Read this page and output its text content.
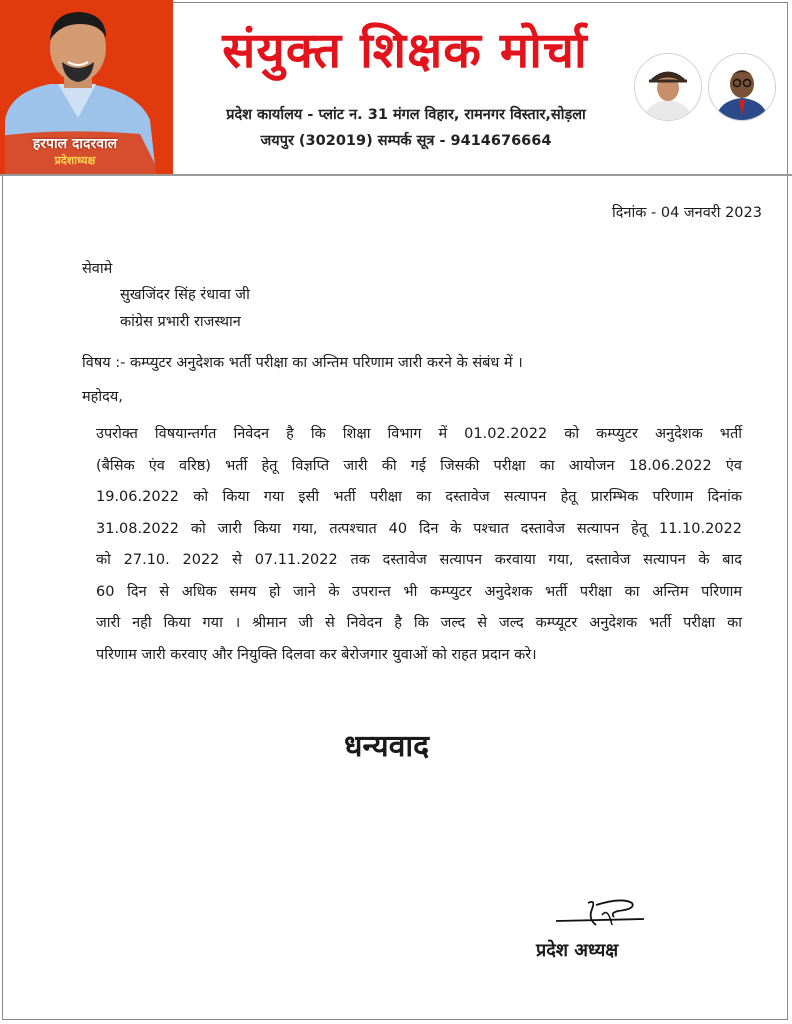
हरपाल दादरवाल
प्रदेशाध्यक्ष
संयुक्त शिक्षक मोर्चा
प्रदेश कार्यालय - प्लांट न. 31 मंगल विहार, रामनगर विस्तार,सोड़ला
जयपुर (302019) सम्पर्क सूत्र - 9414676664
दिनांक - 04 जनवरी 2023
सेवामे
सुखजिंदर सिंह रंधावा जी
कांग्रेस प्रभारी राजस्थान
विषय :- कम्प्युटर अनुदेशक भर्ती परीक्षा का अन्तिम परिणाम जारी करने के संबंध में ।
महोदय,
उपरोक्त विषयान्तर्गत निवेदन है कि शिक्षा विभाग में 01.02.2022 को कम्प्युटर अनुदेशक भर्ती
(बैसिक एंव वरिष्ठ) भर्ती हेतू विज्ञप्ति जारी की गई जिसकी परीक्षा का आयोजन 18.06.2022 एंव
19.06.2022 को किया गया इसी भर्ती परीक्षा का दस्तावेज सत्यापन हेतू प्रारम्भिक परिणाम दिनांक
31.08.2022 को जारी किया गया, तत्पश्चात 40 दिन के पश्चात दस्तावेज सत्यापन हेतू 11.10.2022
को 27.10. 2022 से 07.11.2022 तक दस्तावेज सत्यापन करवाया गया, दस्तावेज सत्यापन के बाद
60 दिन से अधिक समय हो जाने के उपरान्त भी कम्प्युटर अनुदेशक भर्ती परीक्षा का अन्तिम परिणाम
जारी नही किया गया । श्रीमान जी से निवेदन है कि जल्द से जल्द कम्प्यूटर अनुदेशक भर्ती परीक्षा का
परिणाम जारी करवाए और नियुक्ति दिलवा कर बेरोजगार युवाओं को राहत प्रदान करे।
धन्यवाद
प्रदेश अध्यक्ष
